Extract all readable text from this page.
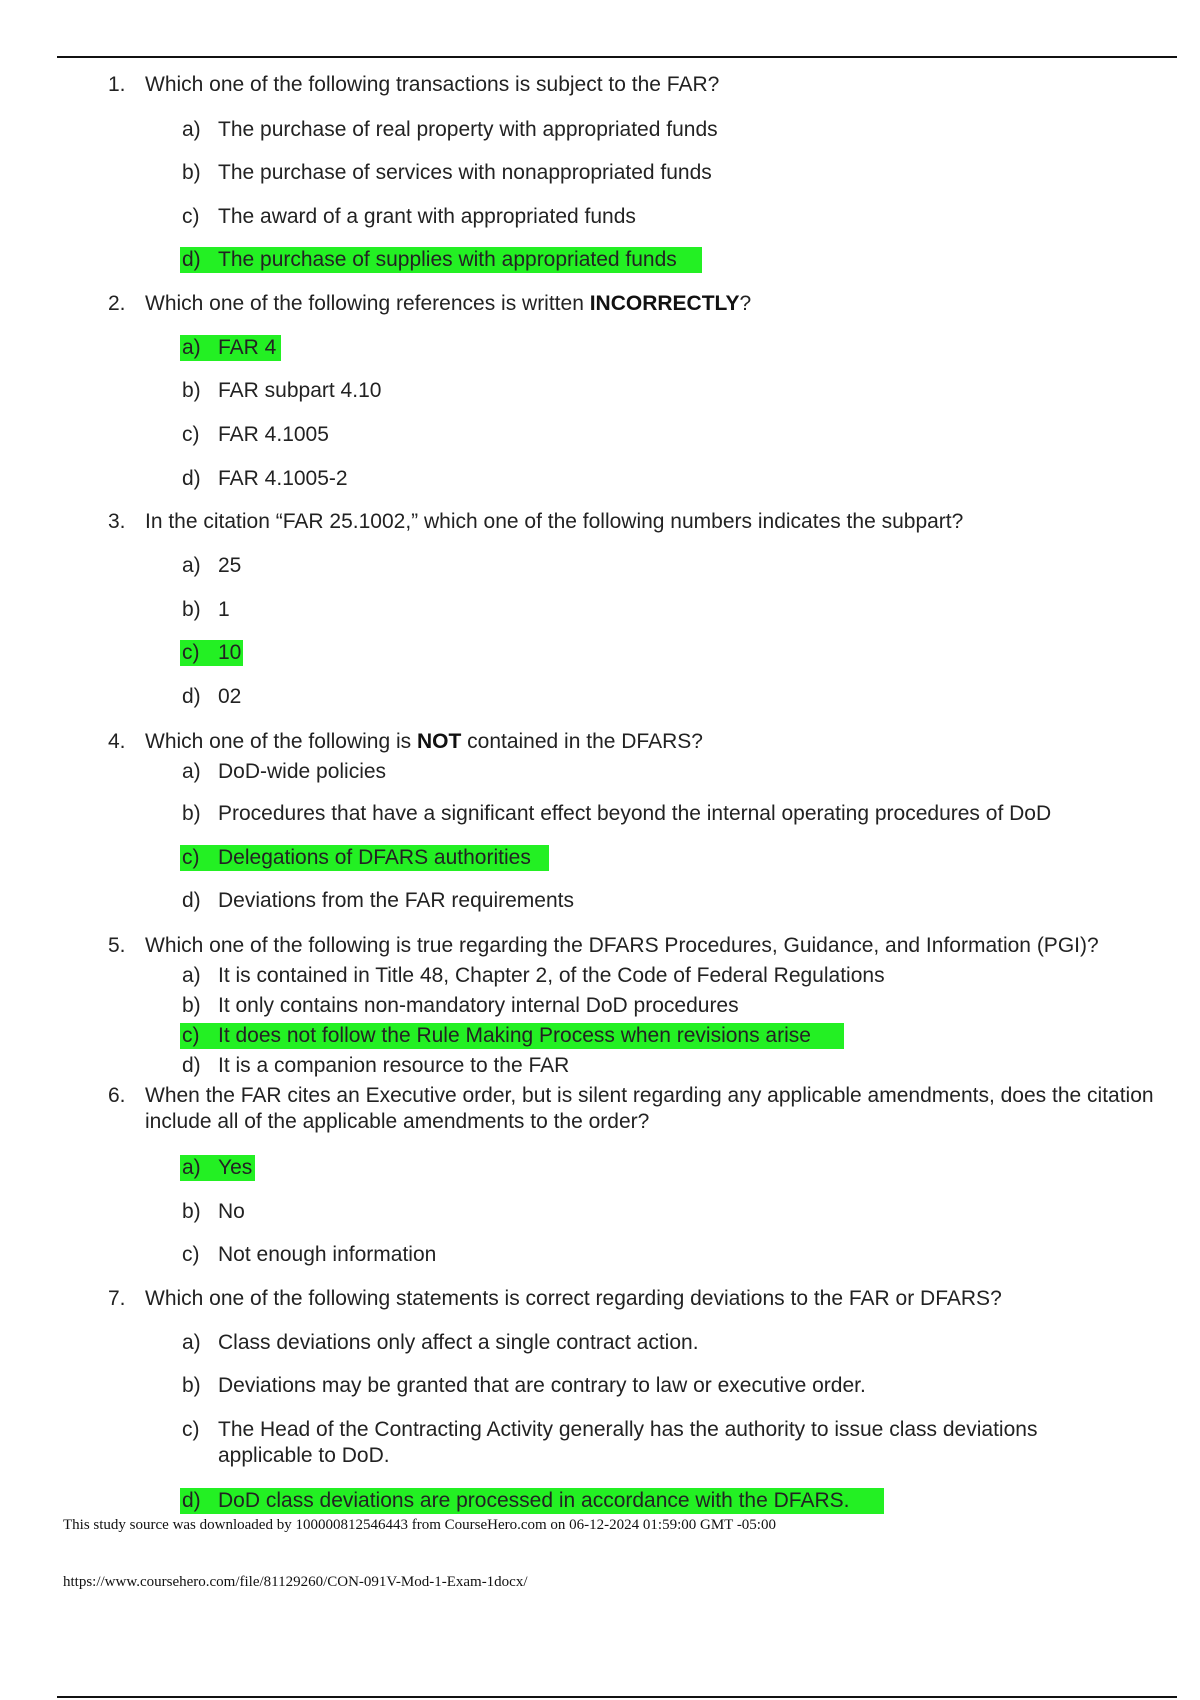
1. Which one of the following transactions is subject to the FAR?
a) The purchase of real property with appropriated funds
b) The purchase of services with nonappropriated funds
c) The award of a grant with appropriated funds
d) The purchase of supplies with appropriated funds
2. Which one of the following references is written INCORRECTLY?
a) FAR 4
b) FAR subpart 4.10
c) FAR 4.1005
d) FAR 4.1005-2
3. In the citation “FAR 25.1002,” which one of the following numbers indicates the subpart?
a) 25
b) 1
c) 10
d) 02
4. Which one of the following is NOT contained in the DFARS?
a) DoD-wide policies
b) Procedures that have a significant effect beyond the internal operating procedures of DoD
c) Delegations of DFARS authorities
d) Deviations from the FAR requirements
5. Which one of the following is true regarding the DFARS Procedures, Guidance, and Information (PGI)?
a) It is contained in Title 48, Chapter 2, of the Code of Federal Regulations
b) It only contains non-mandatory internal DoD procedures
c) It does not follow the Rule Making Process when revisions arise
d) It is a companion resource to the FAR
6. When the FAR cites an Executive order, but is silent regarding any applicable amendments, does the citation include all of the applicable amendments to the order?
a) Yes
b) No
c) Not enough information
7. Which one of the following statements is correct regarding deviations to the FAR or DFARS?
a) Class deviations only affect a single contract action.
b) Deviations may be granted that are contrary to law or executive order.
c) The Head of the Contracting Activity generally has the authority to issue class deviations applicable to DoD.
d) DoD class deviations are processed in accordance with the DFARS.
This study source was downloaded by 100000812546443 from CourseHero.com on 06-12-2024 01:59:00 GMT -05:00
https://www.coursehero.com/file/81129260/CON-091V-Mod-1-Exam-1docx/
